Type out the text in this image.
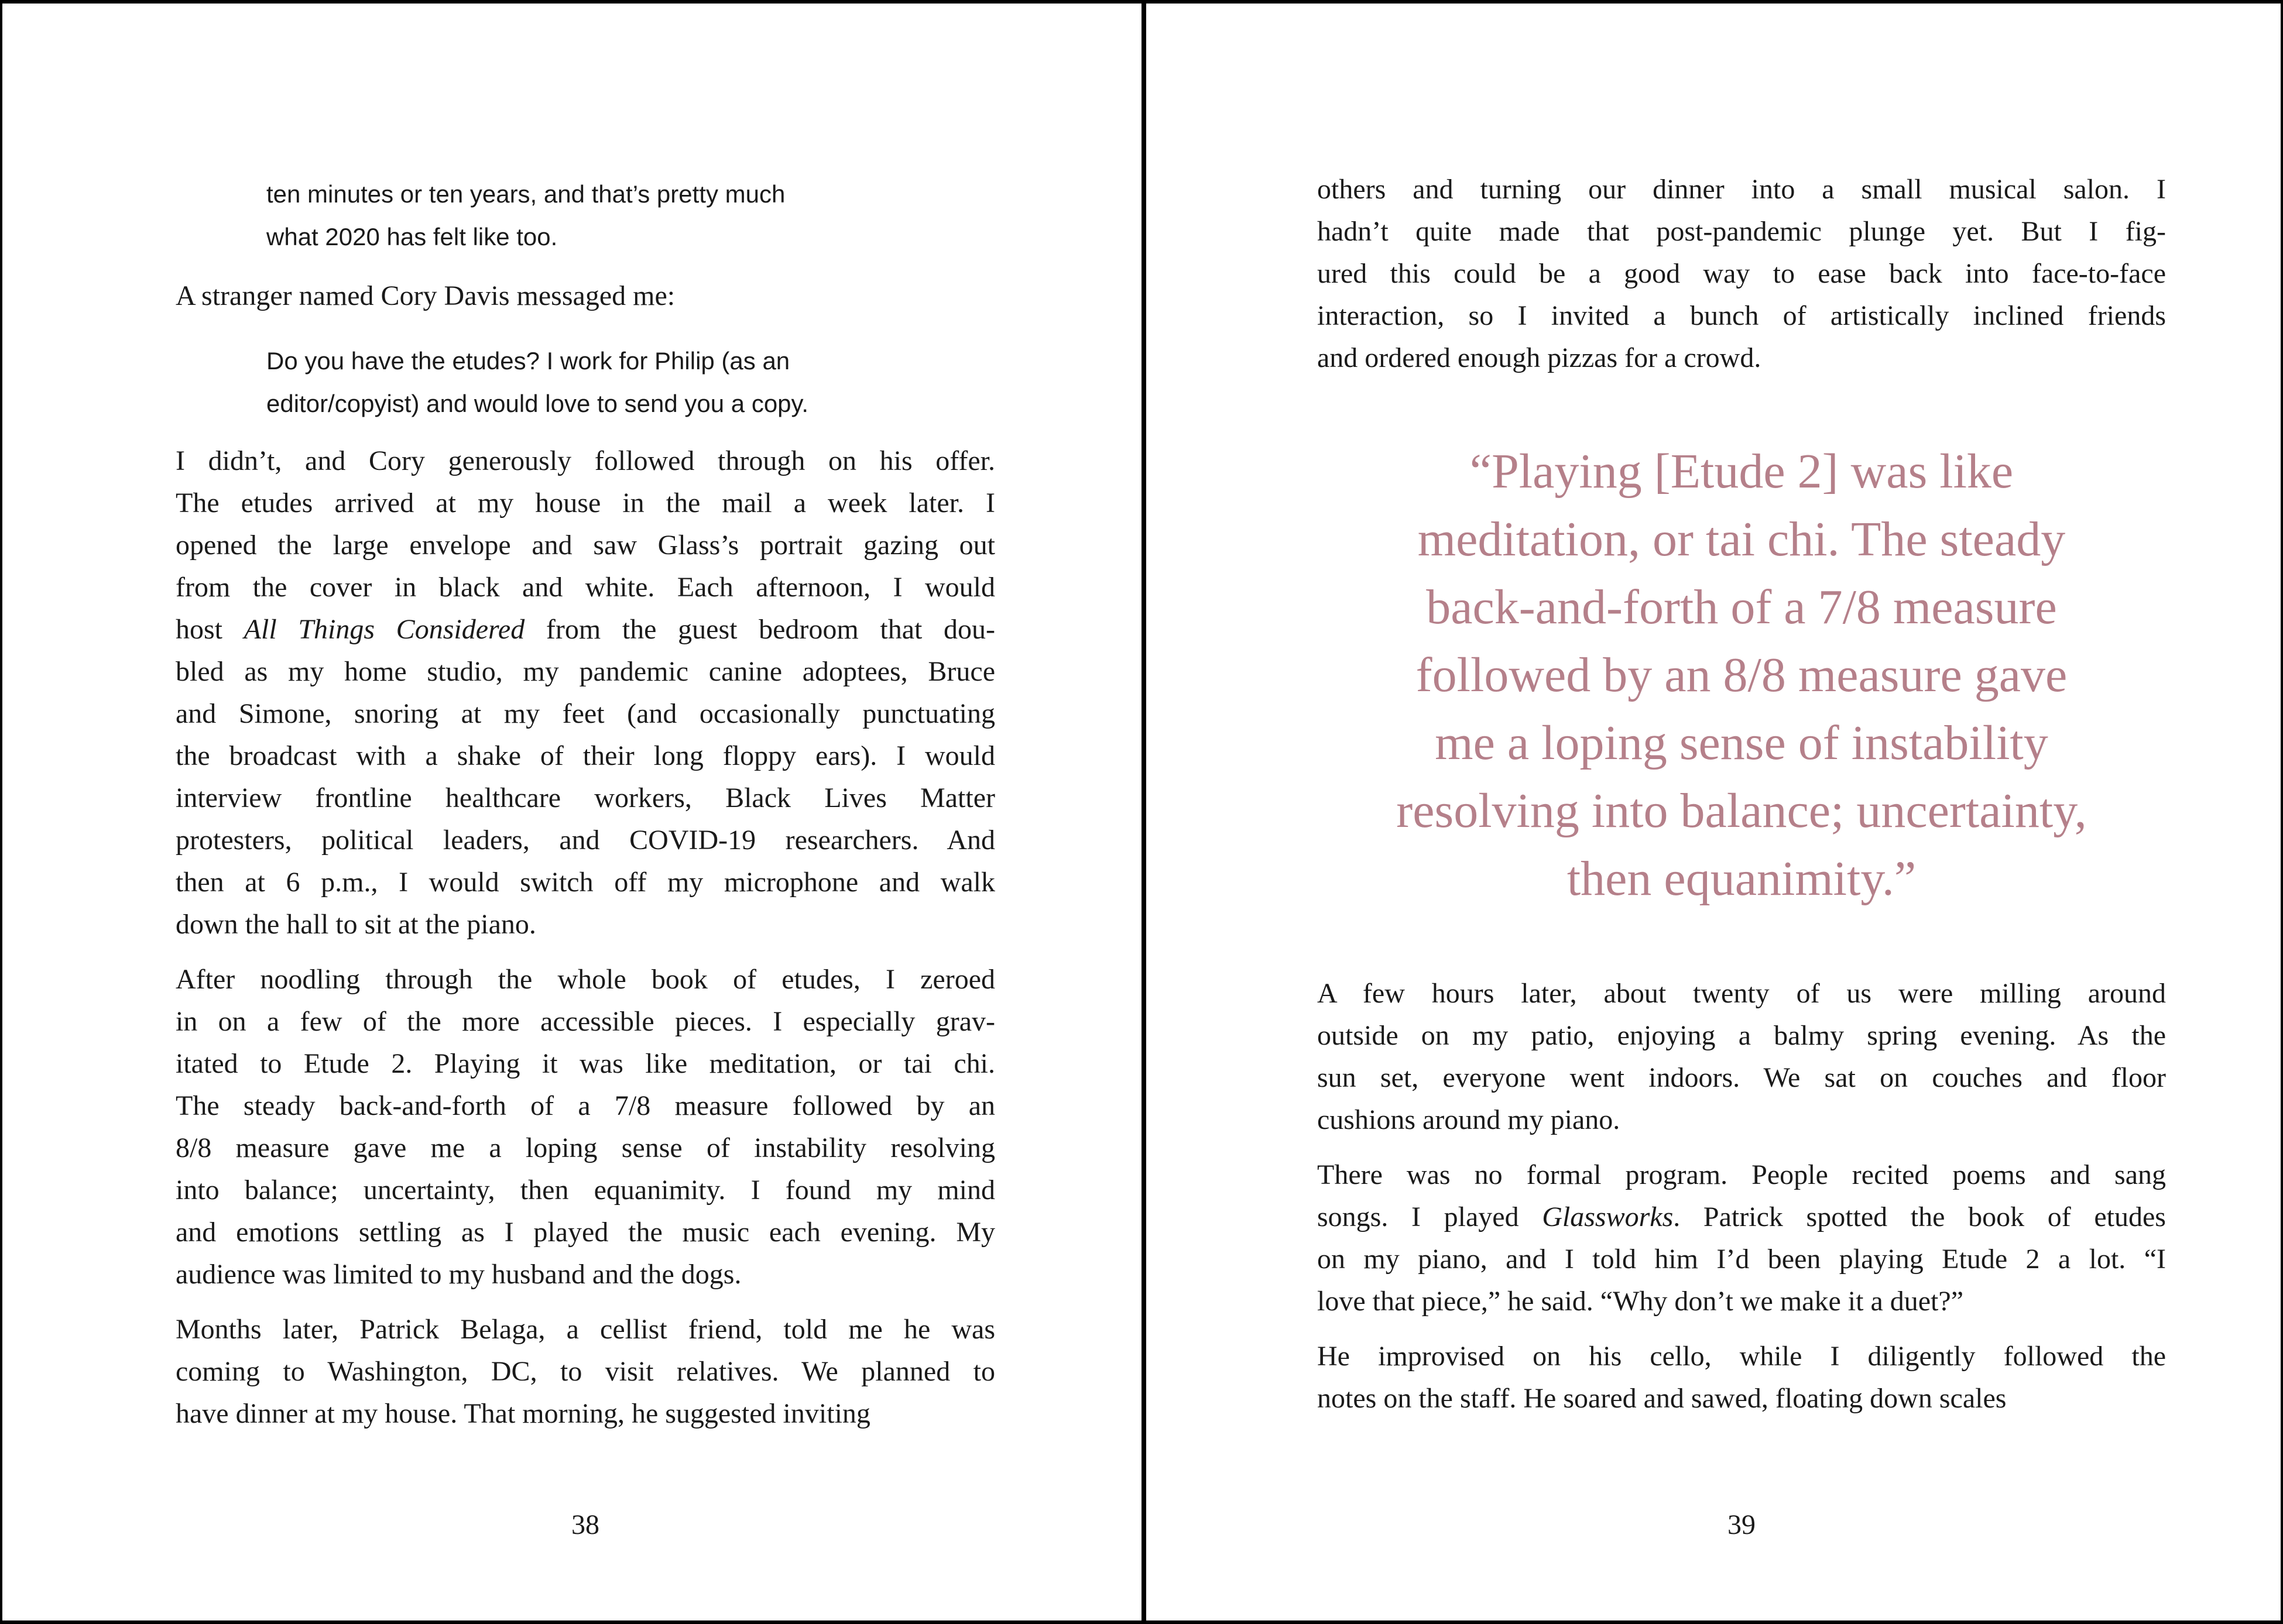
ten minutes or ten years, and that’s pretty much
what 2020 has felt like too.
A stranger named Cory Davis messaged me:
Do you have the etudes? I work for Philip (as an
editor/copyist) and would love to send you a copy.
I didn’t, and Cory generously followed through on his offer.
The etudes arrived at my house in the mail a week later. I
opened the large envelope and saw Glass’s portrait gazing out
from the cover in black and white. Each afternoon, I would
host All Things Considered from the guest bedroom that dou-
bled as my home studio, my pandemic canine adoptees, Bruce
and Simone, snoring at my feet (and occasionally punctuating
the broadcast with a shake of their long floppy ears). I would
interview frontline healthcare workers, Black Lives Matter
protesters, political leaders, and COVID-19 researchers. And
then at 6 p.m., I would switch off my microphone and walk
down the hall to sit at the piano.
After noodling through the whole book of etudes, I zeroed
in on a few of the more accessible pieces. I especially grav-
itated to Etude 2. Playing it was like meditation, or tai chi.
The steady back-and-forth of a 7/8 measure followed by an
8/8 measure gave me a loping sense of instability resolving
into balance; uncertainty, then equanimity. I found my mind
and emotions settling as I played the music each evening. My
audience was limited to my husband and the dogs.
Months later, Patrick Belaga, a cellist friend, told me he was
coming to Washington, DC, to visit relatives. We planned to
have dinner at my house. That morning, he suggested inviting
38
others and turning our dinner into a small musical salon. I
hadn’t quite made that post-pandemic plunge yet. But I fig-
ured this could be a good way to ease back into face-to-face
interaction, so I invited a bunch of artistically inclined friends
and ordered enough pizzas for a crowd.
“Playing [Etude 2] was like
meditation, or tai chi. The steady
back-and-forth of a 7/8 measure
followed by an 8/8 measure gave
me a loping sense of instability
resolving into balance; uncertainty,
then equanimity.”
A few hours later, about twenty of us were milling around
outside on my patio, enjoying a balmy spring evening. As the
sun set, everyone went indoors. We sat on couches and floor
cushions around my piano.
There was no formal program. People recited poems and sang
songs. I played Glassworks. Patrick spotted the book of etudes
on my piano, and I told him I’d been playing Etude 2 a lot. “I
love that piece,” he said. “Why don’t we make it a duet?”
He improvised on his cello, while I diligently followed the
notes on the staff. He soared and sawed, floating down scales
39
